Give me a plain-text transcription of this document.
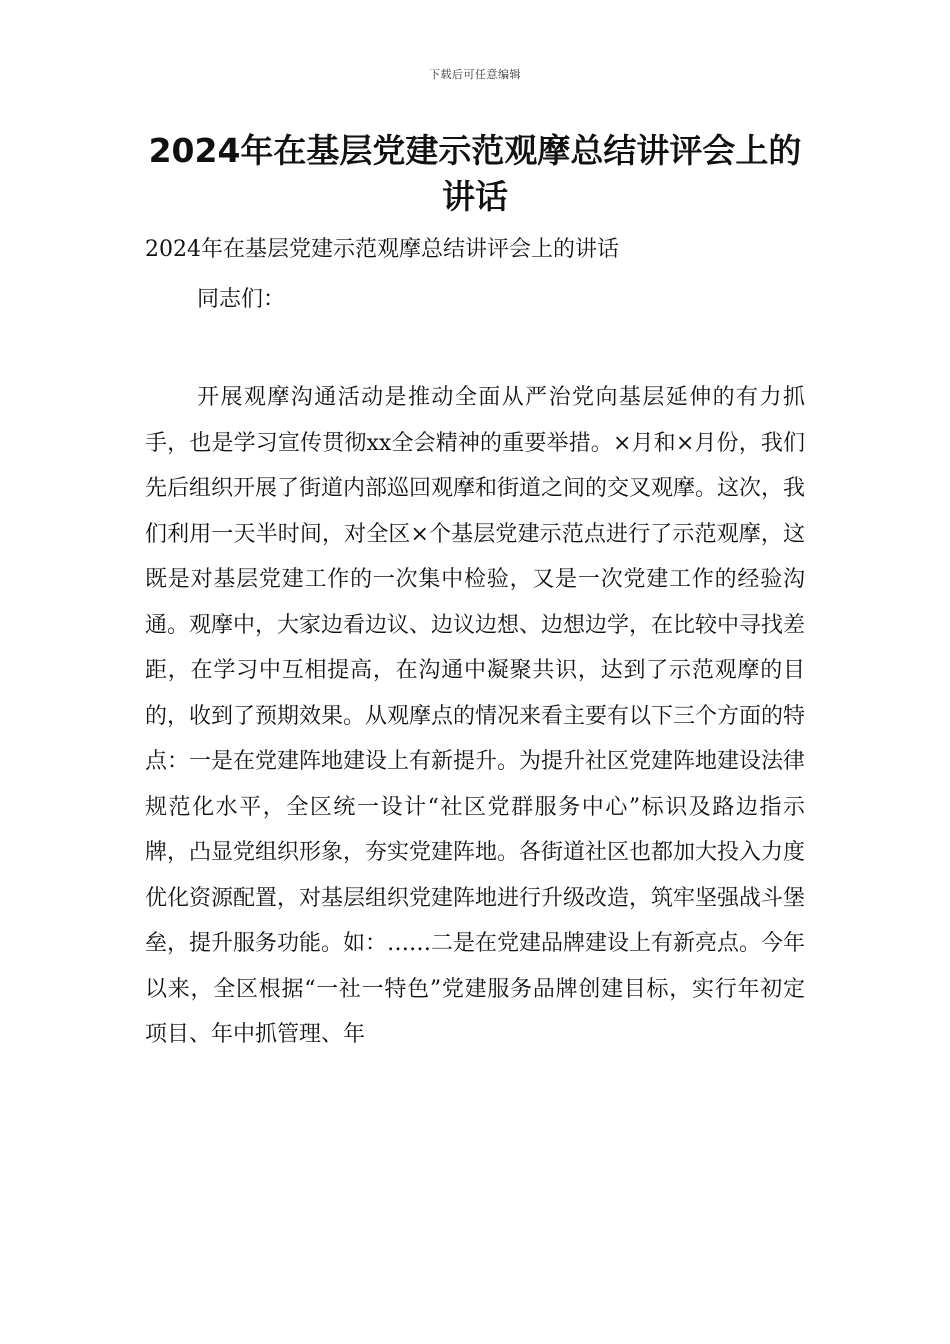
下载后可任意编辑
2024年在基层党建示范观摩总结讲评会上的讲话

2024年在基层党建示范观摩总结讲评会上的讲话

同志们：

开展观摩沟通活动是推动全面从严治党向基层延伸的有力抓手，也是学习宣传贯彻xx全会精神的重要举措。×月和×月份，我们先后组织开展了街道内部巡回观摩和街道之间的交叉观摩。这次，我们利用一天半时间，对全区×个基层党建示范点进行了示范观摩，这既是对基层党建工作的一次集中检验，又是一次党建工作的经验沟通。观摩中，大家边看边议、边议边想、边想边学，在比较中寻找差距，在学习中互相提高，在沟通中凝聚共识，达到了示范观摩的目的，收到了预期效果。从观摩点的情况来看主要有以下三个方面的特点：一是在党建阵地建设上有新提升。为提升社区党建阵地建设法律规范化水平，全区统一设计“社区党群服务中心”标识及路边指示牌，凸显党组织形象，夯实党建阵地。各街道社区也都加大投入力度优化资源配置，对基层组织党建阵地进行升级改造，筑牢坚强战斗堡垒，提升服务功能。如：……二是在党建品牌建设上有新亮点。今年以来，全区根据“一社一特色”党建服务品牌创建目标，实行年初定项目、年中抓管理、年
